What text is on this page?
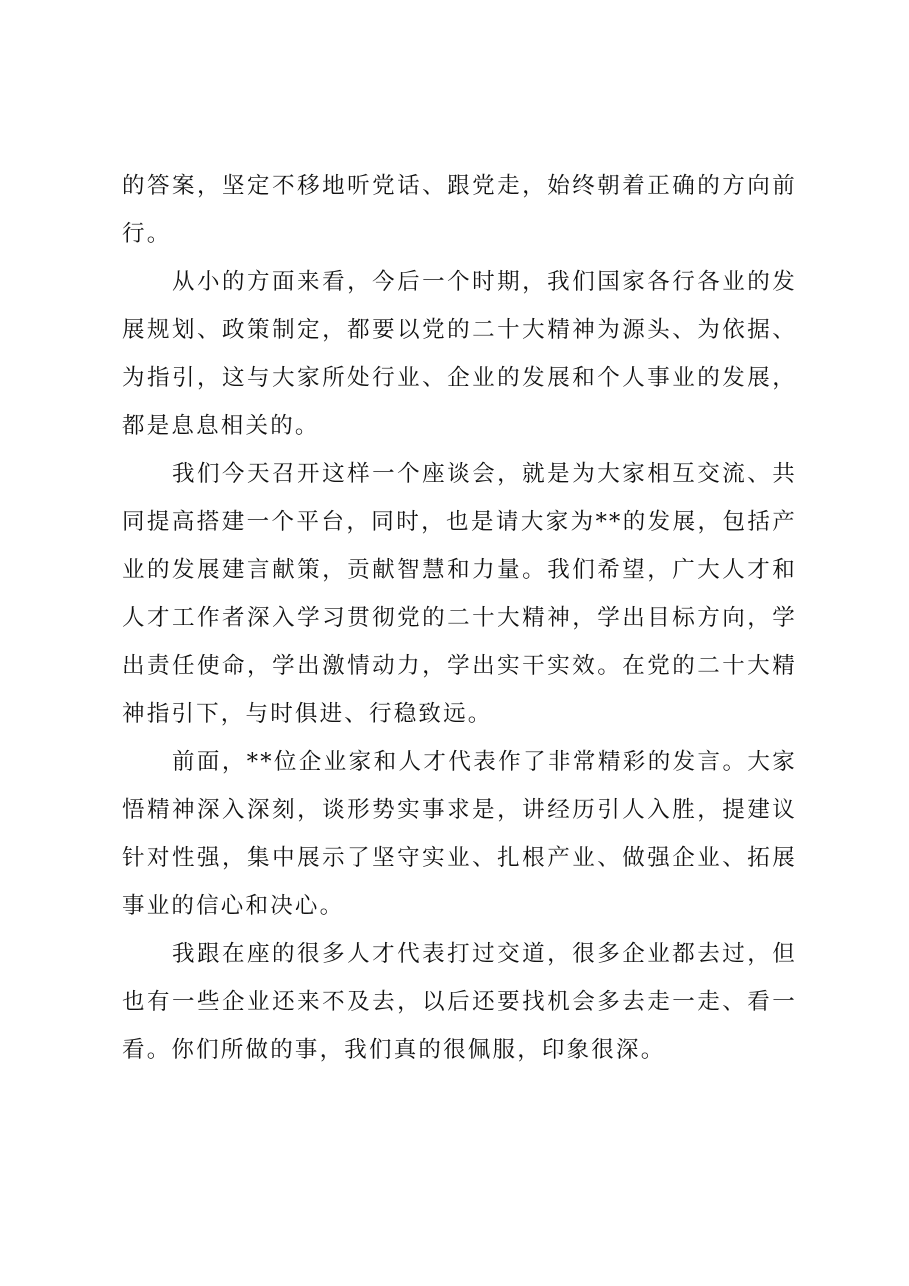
的答案，坚定不移地听党话、跟党走，始终朝着正确的方向前行。

从小的方面来看，今后一个时期，我们国家各行各业的发展规划、政策制定，都要以党的二十大精神为源头、为依据、为指引，这与大家所处行业、企业的发展和个人事业的发展，都是息息相关的。

我们今天召开这样一个座谈会，就是为大家相互交流、共同提高搭建一个平台，同时，也是请大家为**的发展，包括产业的发展建言献策，贡献智慧和力量。我们希望，广大人才和人才工作者深入学习贯彻党的二十大精神，学出目标方向，学出责任使命，学出激情动力，学出实干实效。在党的二十大精神指引下，与时俱进、行稳致远。

前面，**位企业家和人才代表作了非常精彩的发言。大家悟精神深入深刻，谈形势实事求是，讲经历引人入胜，提建议针对性强，集中展示了坚守实业、扎根产业、做强企业、拓展事业的信心和决心。

我跟在座的很多人才代表打过交道，很多企业都去过，但也有一些企业还来不及去，以后还要找机会多去走一走、看一看。你们所做的事，我们真的很佩服，印象很深。
